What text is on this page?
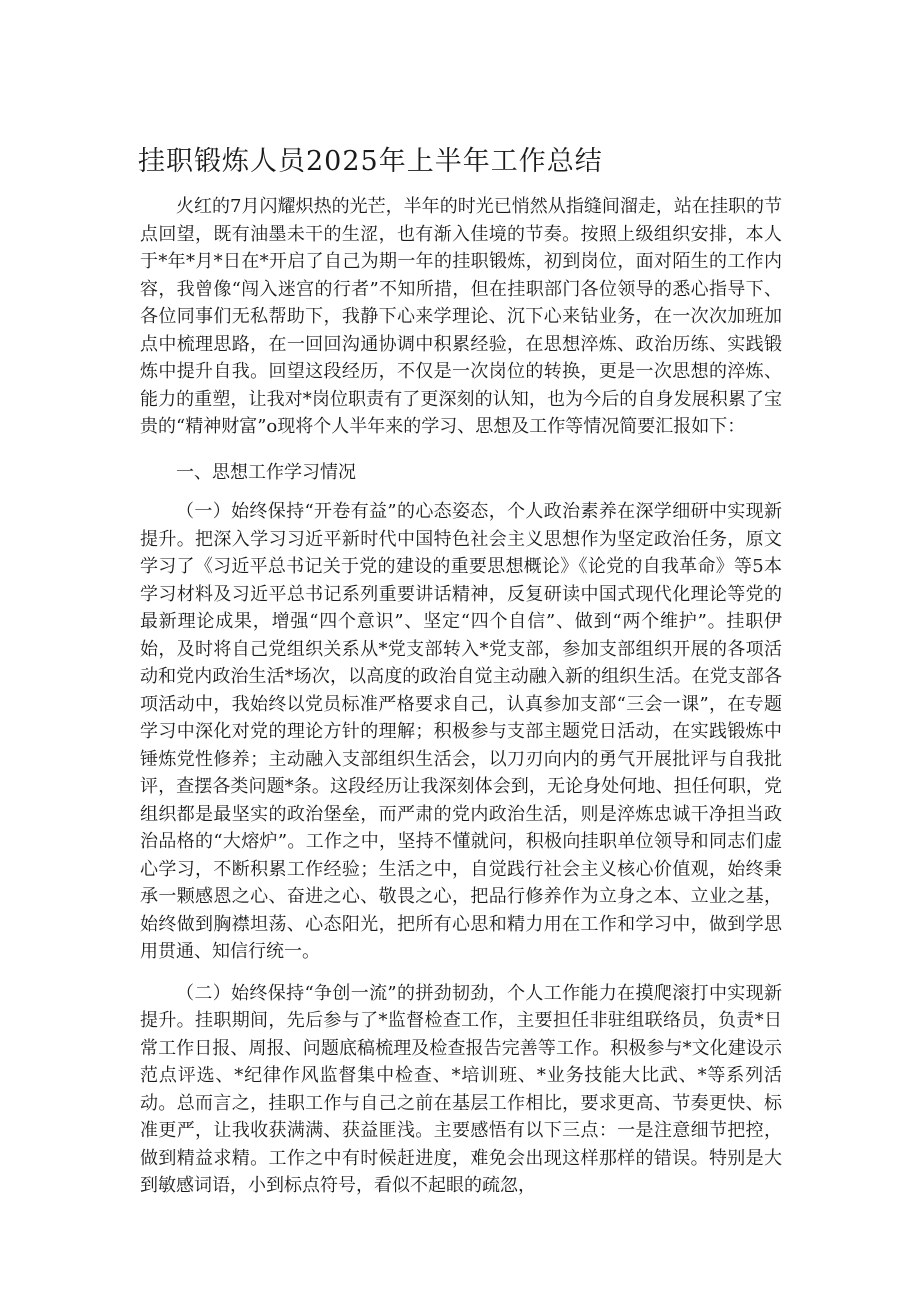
挂职锻炼人员2025年上半年工作总结

火红的7月闪耀炽热的光芒，半年的时光已悄然从指缝间溜走，站在挂职的节点回望，既有油墨未干的生涩，也有渐入佳境的节奏。按照上级组织安排，本人于*年*月*日在*开启了自己为期一年的挂职锻炼，初到岗位，面对陌生的工作内容，我曾像“闯入迷宫的行者”不知所措，但在挂职部门各位领导的悉心指导下、各位同事们无私帮助下，我静下心来学理论、沉下心来钻业务，在一次次加班加点中梳理思路，在一回回沟通协调中积累经验，在思想淬炼、政治历练、实践锻炼中提升自我。回望这段经历，不仅是一次岗位的转换，更是一次思想的淬炼、能力的重塑，让我对*岗位职责有了更深刻的认知，也为今后的自身发展积累了宝贵的“精神财富”o现将个人半年来的学习、思想及工作等情况简要汇报如下：

一、思想工作学习情况

（一）始终保持“开卷有益”的心态姿态，个人政治素养在深学细研中实现新提升。把深入学习习近平新时代中国特色社会主义思想作为坚定政治任务，原文学习了《习近平总书记关于党的建设的重要思想概论》《论党的自我革命》等5本学习材料及习近平总书记系列重要讲话精神，反复研读中国式现代化理论等党的最新理论成果，增强“四个意识”、坚定“四个自信”、做到“两个维护”。挂职伊始，及时将自己党组织关系从*党支部转入*党支部，参加支部组织开展的各项活动和党内政治生活*场次，以高度的政治自觉主动融入新的组织生活。在党支部各项活动中，我始终以党员标准严格要求自己，认真参加支部“三会一课”，在专题学习中深化对党的理论方针的理解；积极参与支部主题党日活动，在实践锻炼中锤炼党性修养；主动融入支部组织生活会，以刀刃向内的勇气开展批评与自我批评，查摆各类问题*条。这段经历让我深刻体会到，无论身处何地、担任何职，党组织都是最坚实的政治堡垒，而严肃的党内政治生活，则是淬炼忠诚干净担当政治品格的“大熔炉”。工作之中，坚持不懂就问，积极向挂职单位领导和同志们虚心学习，不断积累工作经验；生活之中，自觉践行社会主义核心价值观，始终秉承一颗感恩之心、奋进之心、敬畏之心，把品行修养作为立身之本、立业之基，始终做到胸襟坦荡、心态阳光，把所有心思和精力用在工作和学习中，做到学思用贯通、知信行统一。

（二）始终保持“争创一流”的拼劲韧劲，个人工作能力在摸爬滚打中实现新提升。挂职期间，先后参与了*监督检查工作，主要担任非驻组联络员，负责*日常工作日报、周报、问题底稿梳理及检查报告完善等工作。积极参与*文化建设示范点评选、*纪律作风监督集中检查、*培训班、*业务技能大比武、*等系列活动。总而言之，挂职工作与自己之前在基层工作相比，要求更高、节奏更快、标准更严，让我收获满满、获益匪浅。主要感悟有以下三点：一是注意细节把控，做到精益求精。工作之中有时候赶进度，难免会出现这样那样的错误。特别是大到敏感词语，小到标点符号，看似不起眼的疏忽，
